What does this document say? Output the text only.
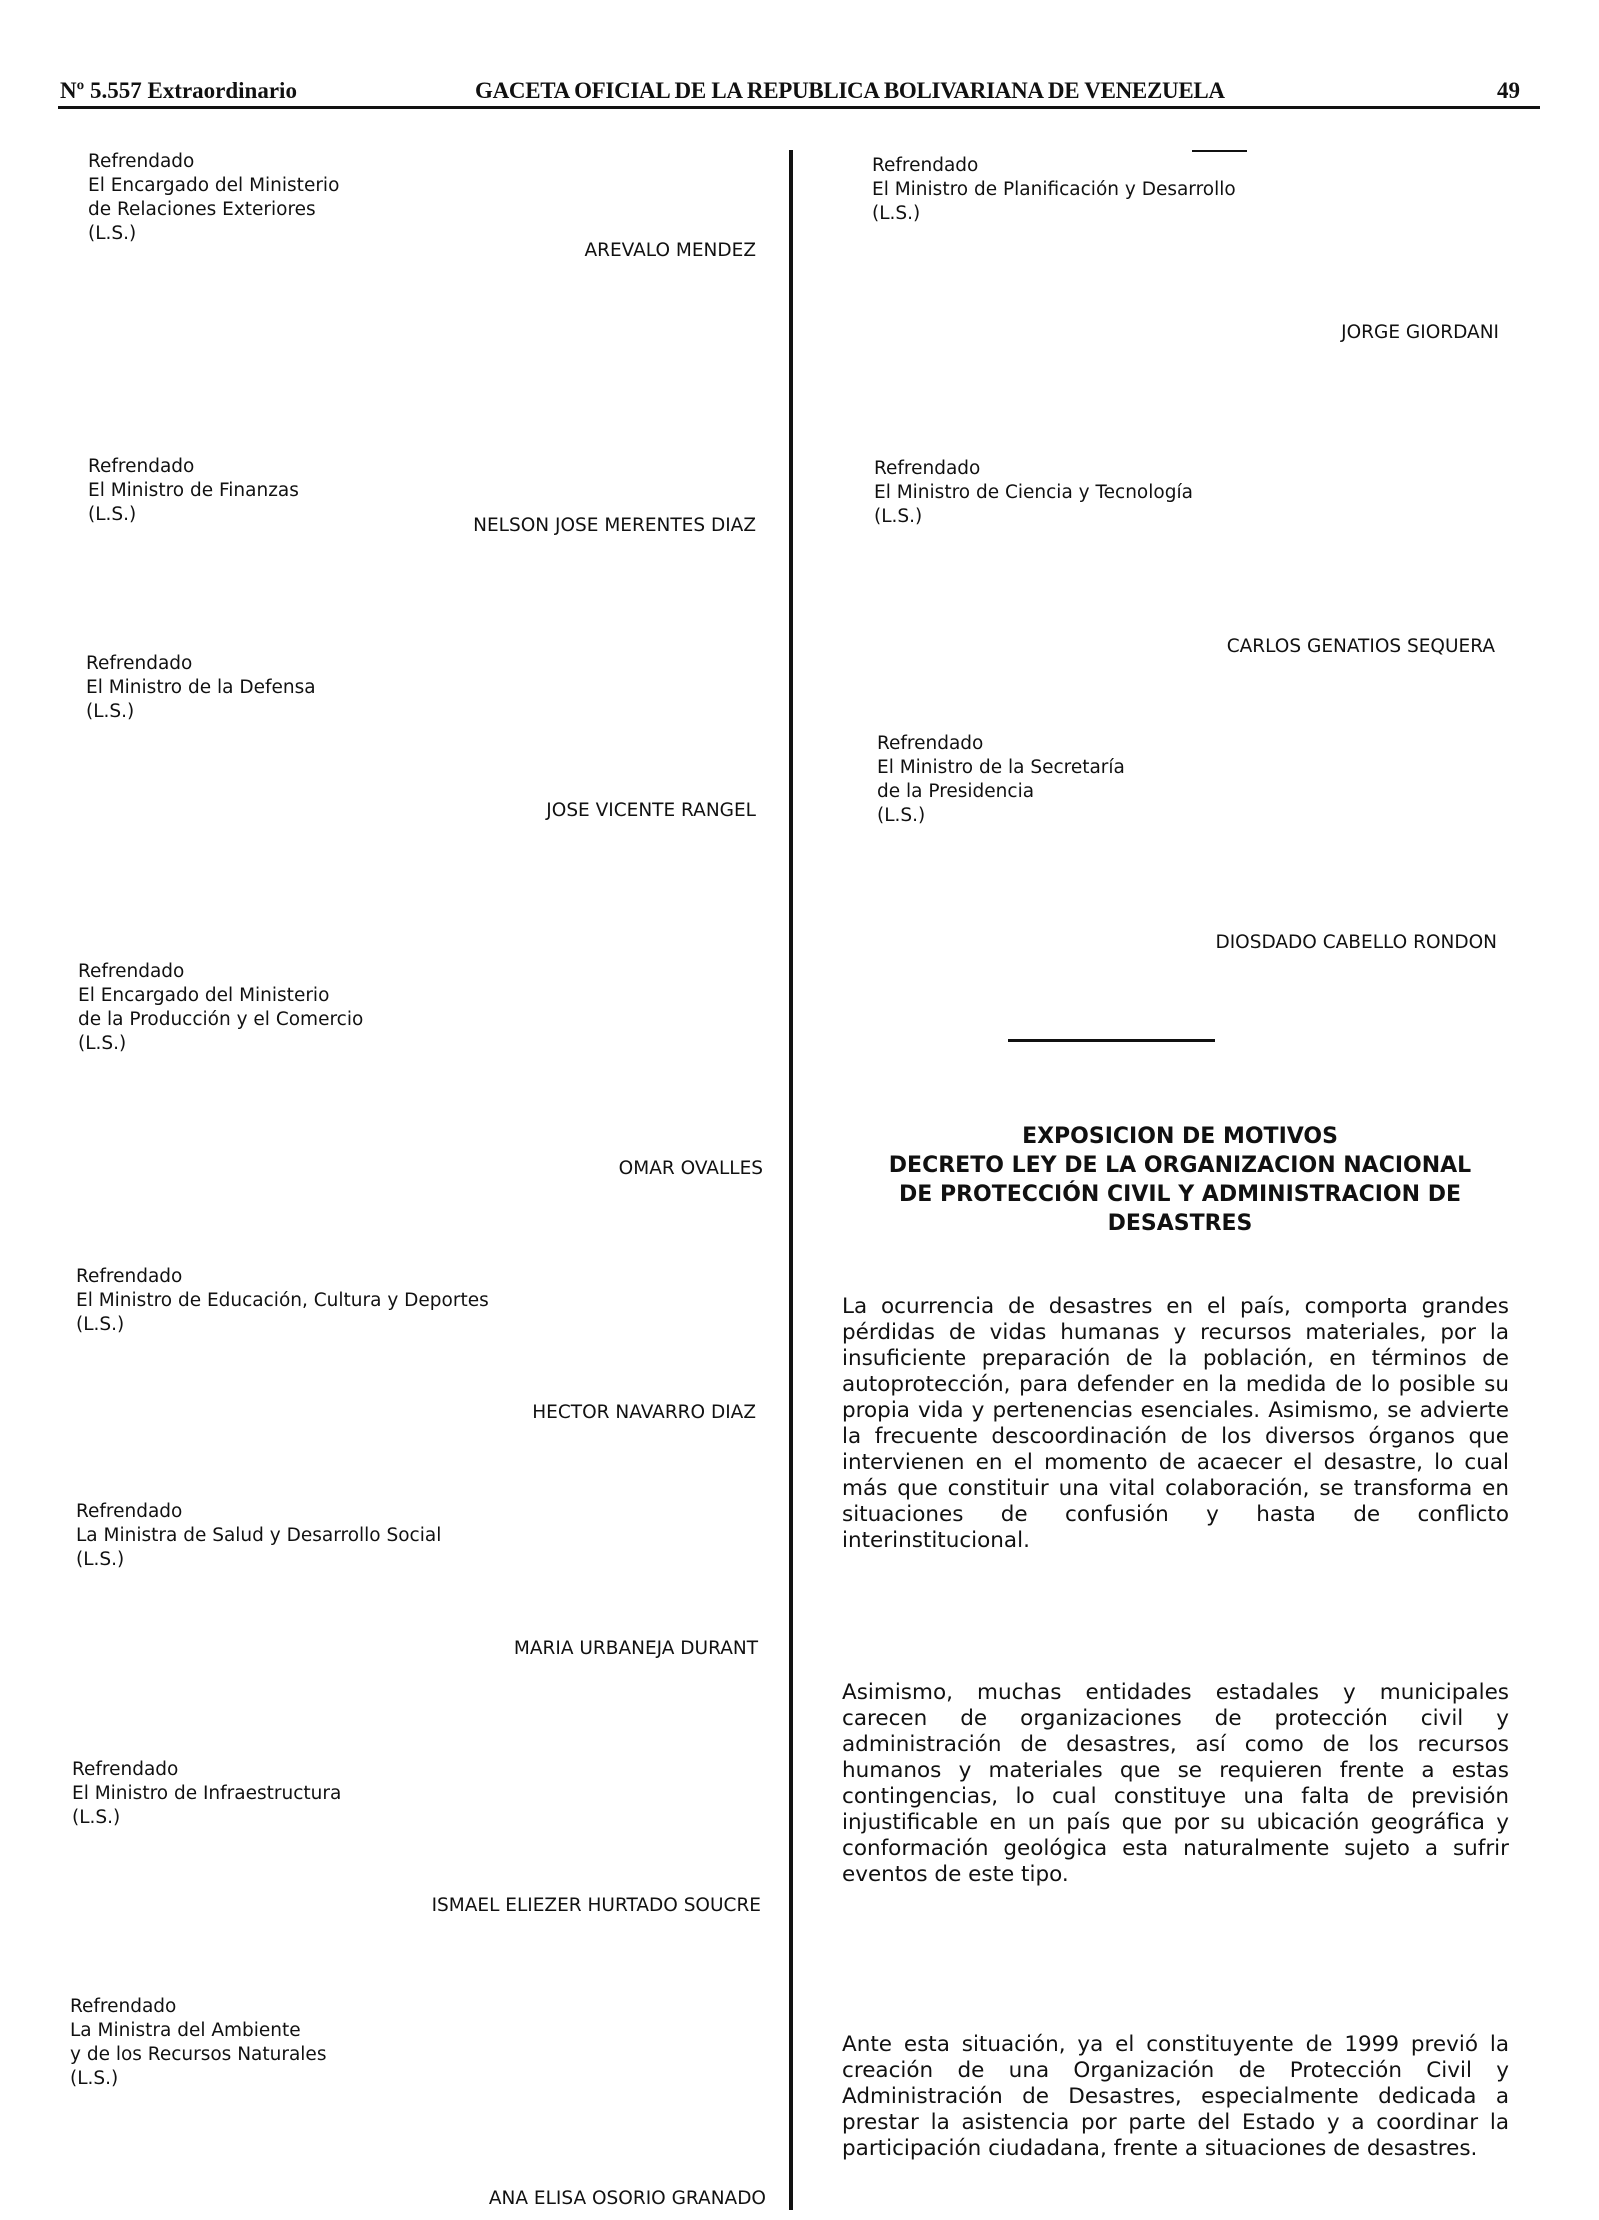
Nº 5.557 Extraordinario	GACETA OFICIAL DE LA REPUBLICA BOLIVARIANA DE VENEZUELA	49
Refrendado
El Encargado del Ministerio
de Relaciones Exteriores
(L.S.)
AREVALO MENDEZ
Refrendado
El Ministro de Finanzas
(L.S.)
NELSON JOSE MERENTES DIAZ
Refrendado
El Ministro de la Defensa
(L.S.)
JOSE VICENTE RANGEL
Refrendado
El Encargado del Ministerio
de la Producción y el Comercio
(L.S.)
OMAR OVALLES
Refrendado
El Ministro de Educación, Cultura y Deportes
(L.S.)
HECTOR NAVARRO DIAZ
Refrendado
La Ministra de Salud y Desarrollo Social
(L.S.)
MARIA URBANEJA DURANT
Refrendado
El Ministro de Infraestructura
(L.S.)
ISMAEL ELIEZER HURTADO SOUCRE
Refrendado
La Ministra del Ambiente
y de los Recursos Naturales
(L.S.)
ANA ELISA OSORIO GRANADO
Refrendado
El Ministro de Planificación y Desarrollo
(L.S.)
JORGE GIORDANI
Refrendado
El Ministro de Ciencia y Tecnología
(L.S.)
CARLOS GENATIOS SEQUERA
Refrendado
El Ministro de la Secretaría
de la Presidencia
(L.S.)
DIOSDADO CABELLO RONDON
EXPOSICION DE MOTIVOS
DECRETO LEY DE LA ORGANIZACION NACIONAL
DE PROTECCIÓN CIVIL Y ADMINISTRACION DE
DESASTRES
La ocurrencia de desastres en el país, comporta grandes pérdidas de vidas humanas y recursos materiales, por la insuficiente preparación de la población, en términos de autoprotección, para defender en la medida de lo posible su propia vida y pertenencias esenciales. Asimismo, se advierte la frecuente descoordinación de los diversos órganos que intervienen en el momento de acaecer el desastre, lo cual más que constituir una vital colaboración, se transforma en situaciones de confusión y hasta de conflicto interinstitucional.
Asimismo, muchas entidades estadales y municipales carecen de organizaciones de protección civil y administración de desastres, así como de los recursos humanos y materiales que se requieren frente a estas contingencias, lo cual constituye una falta de previsión injustificable en un país que por su ubicación geográfica y conformación geológica esta naturalmente sujeto a sufrir eventos de este tipo.
Ante esta situación, ya el constituyente de 1999 previó la creación de una Organización de Protección Civil y Administración de Desastres, especialmente dedicada a prestar la asistencia por parte del Estado y a coordinar la participación ciudadana, frente a situaciones de desastres.
